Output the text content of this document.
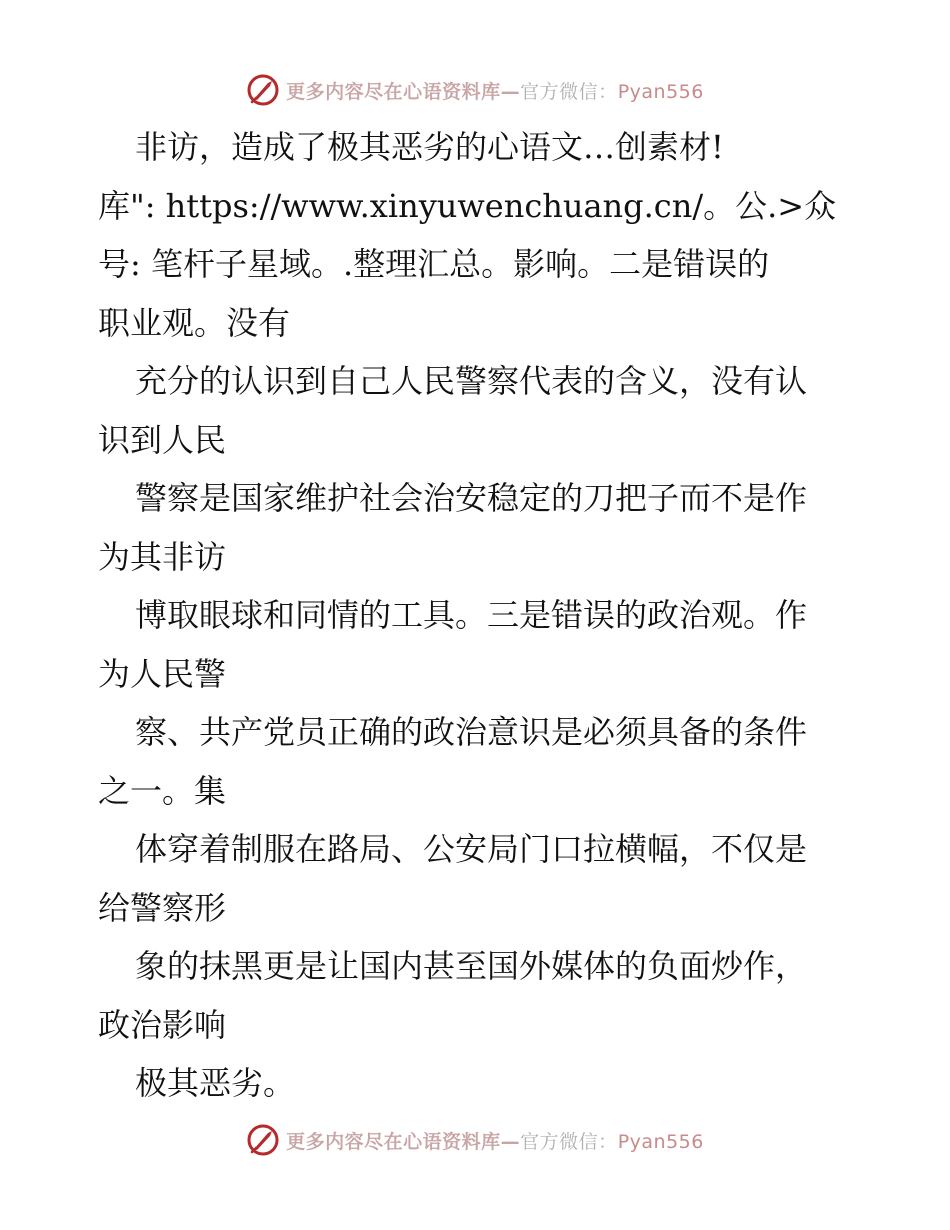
更多内容尽在心语资料库—官方微信：Pyan556
非访，造成了极其恶劣的心语文…创素材!
库": https://www.xinyuwenchuang.cn/。公.>众
号: 笔杆子星域。.整理汇总。影响。二是错误的
职业观。没有
充分的认识到自己人民警察代表的含义，没有认
识到人民
警察是国家维护社会治安稳定的刀把子而不是作
为其非访
博取眼球和同情的工具。三是错误的政治观。作
为人民警
察、共产党员正确的政治意识是必须具备的条件
之一。集
体穿着制服在路局、公安局门口拉横幅，不仅是
给警察形
象的抹黑更是让国内甚至国外媒体的负面炒作，
政治影响
极其恶劣。
更多内容尽在心语资料库—官方微信：Pyan556
